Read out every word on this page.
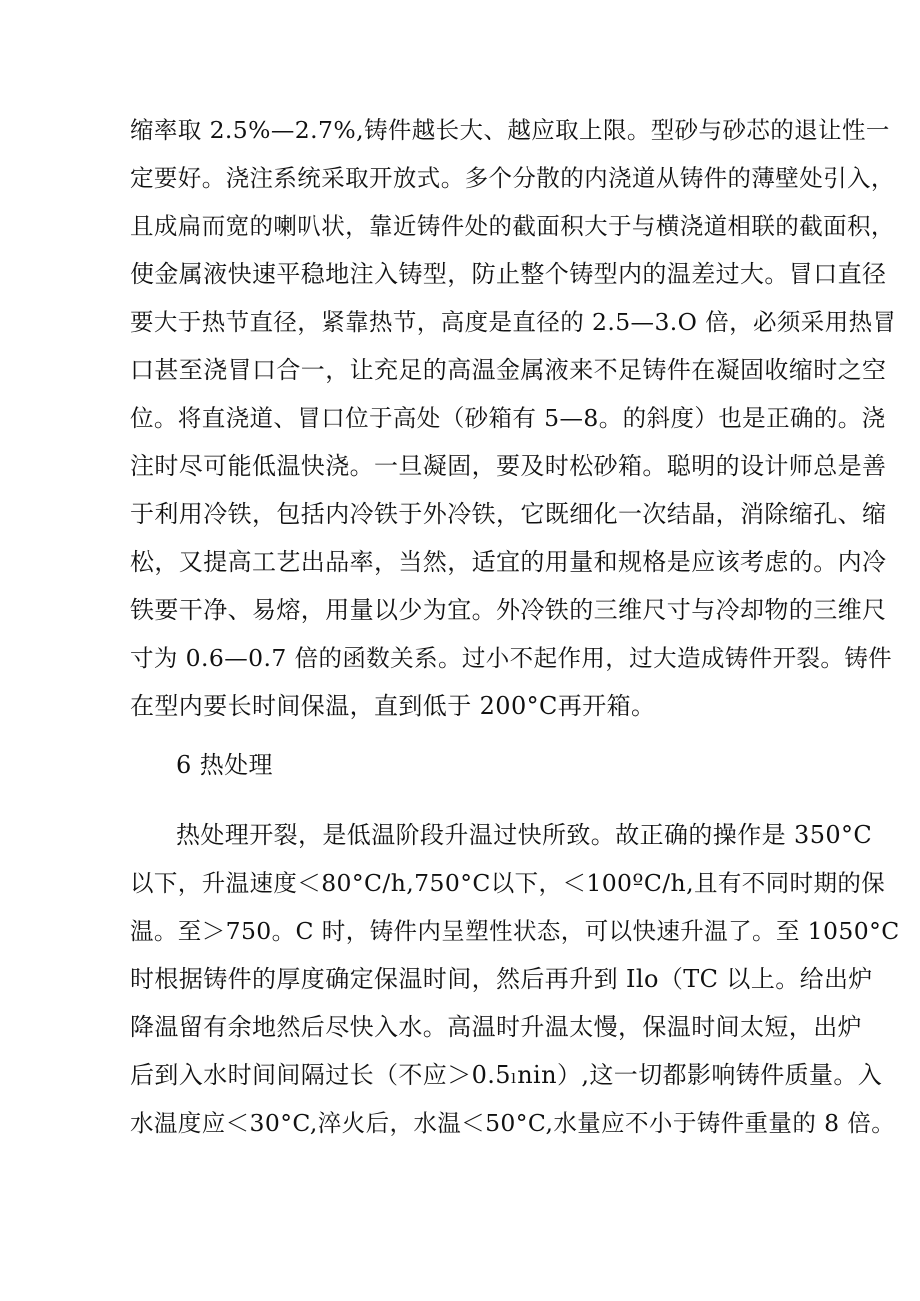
缩率取 2.5%—2.7%,铸件越长大、越应取上限。型砂与砂芯的退让性一
定要好。浇注系统采取开放式。多个分散的内浇道从铸件的薄壁处引入，
且成扁而宽的喇叭状，靠近铸件处的截面积大于与横浇道相联的截面积，
使金属液快速平稳地注入铸型，防止整个铸型内的温差过大。冒口直径
要大于热节直径，紧靠热节，高度是直径的 2.5—3.O 倍，必须采用热冒
口甚至浇冒口合一，让充足的高温金属液来不足铸件在凝固收缩时之空
位。将直浇道、冒口位于高处（砂箱有 5—8。的斜度）也是正确的。浇
注时尽可能低温快浇。一旦凝固，要及时松砂箱。聪明的设计师总是善
于利用冷铁，包括内冷铁于外冷铁，它既细化一次结晶，消除缩孔、缩
松，又提高工艺出品率，当然，适宜的用量和规格是应该考虑的。内冷
铁要干净、易熔，用量以少为宜。外冷铁的三维尺寸与冷却物的三维尺
寸为 0.6—0.7 倍的函数关系。过小不起作用，过大造成铸件开裂。铸件
在型内要长时间保温，直到低于 200°C再开箱。
6 热处理
热处理开裂，是低温阶段升温过快所致。故正确的操作是 350°C
以下，升温速度＜80°C∕h,750°C以下，＜100ºC∕h,且有不同时期的保
温。至＞750。C 时，铸件内呈塑性状态，可以快速升温了。至 1050°C
时根据铸件的厚度确定保温时间，然后再升到 Ilo（TC 以上。给出炉
降温留有余地然后尽快入水。高温时升温太慢，保温时间太短，出炉
后到入水时间间隔过长（不应＞0.5ₗnin）,这一切都影响铸件质量。入
水温度应＜30°C,淬火后，水温＜50°C,水量应不小于铸件重量的 8 倍。
